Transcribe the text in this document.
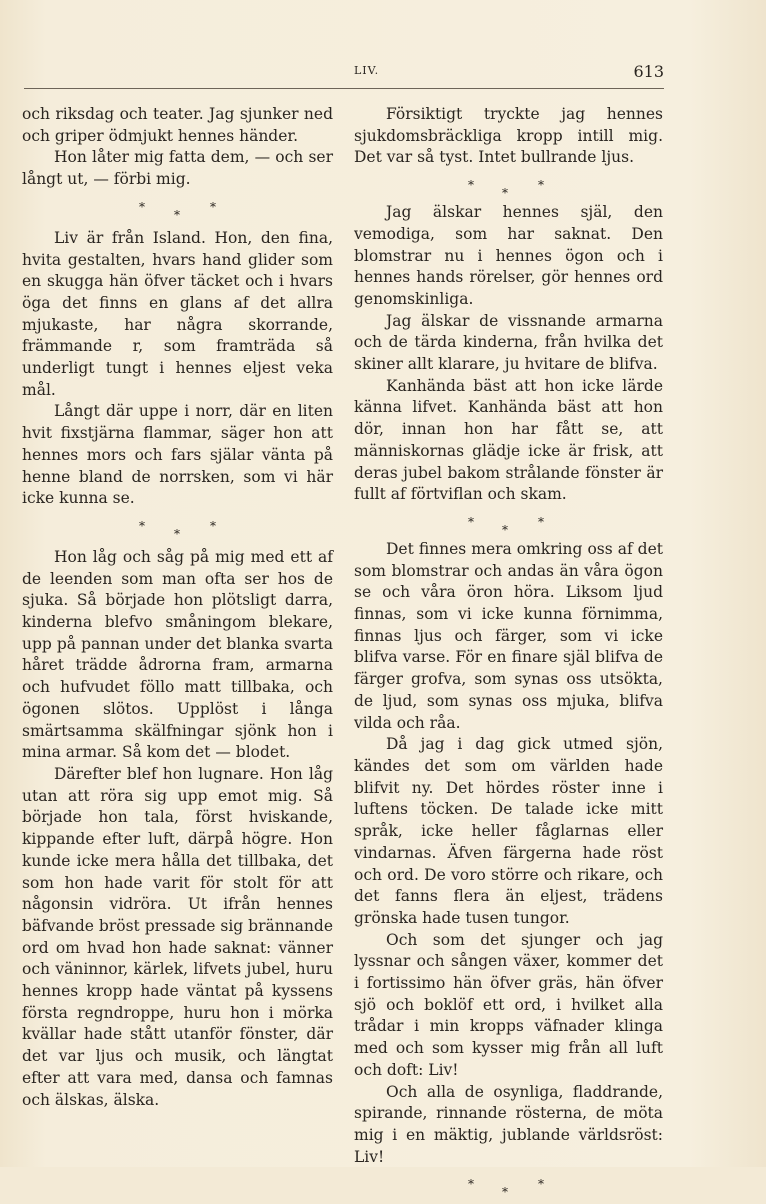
LIV.	613

och riksdag och teater. Jag sjunker ned och griper ödmjukt hennes händer.

Hon låter mig fatta dem, — och ser långt ut, — förbi mig.

*
*
*

Liv är från Island. Hon, den fina, hvita gestalten, hvars hand glider som en skugga hän öfver täcket och i hvars öga det finns en glans af det allra mjukaste, har några skorrande, främmande r, som framträda så underligt tungt i hennes eljest veka mål.

Långt där uppe i norr, där en liten hvit fixstjärna flammar, säger hon att hennes mors och fars själar vänta på henne bland de norrsken, som vi här icke kunna se.

*
*
*

Hon låg och såg på mig med ett af de leenden som man ofta ser hos de sjuka. Så började hon plötsligt darra, kinderna blefvo småningom blekare, upp på pannan under det blanka svarta håret trädde ådrorna fram, armarna och hufvudet föllo matt tillbaka, och ögonen slötos. Upplöst i långa smärtsamma skälfningar sjönk hon i mina armar. Så kom det — blodet.

Därefter blef hon lugnare. Hon låg utan att röra sig upp emot mig. Så började hon tala, först hviskande, kippande efter luft, därpå högre. Hon kunde icke mera hålla det tillbaka, det som hon hade varit för stolt för att någonsin vidröra. Ut ifrån hennes bäfvande bröst pressade sig brännande ord om hvad hon hade saknat: vänner och väninnor, kärlek, lifvets jubel, huru hennes kropp hade väntat på kyssens första regndroppe, huru hon i mörka kvällar hade stått utanför fönster, där det var ljus och musik, och längtat efter att vara med, dansa och famnas och älskas, älska.

Försiktigt tryckte jag hennes sjukdomsbräckliga kropp intill mig. Det var så tyst. Intet bullrande ljus.

*
*
*

Jag älskar hennes själ, den vemodiga, som har saknat. Den blomstrar nu i hennes ögon och i hennes hands rörelser, gör hennes ord genomskinliga.

Jag älskar de vissnande armarna och de tärda kinderna, från hvilka det skiner allt klarare, ju hvitare de blifva.

Kanhända bäst att hon icke lärde känna lifvet. Kanhända bäst att hon dör, innan hon har fått se, att människornas glädje icke är frisk, att deras jubel bakom strålande fönster är fullt af förtviflan och skam.

*
*
*

Det finnes mera omkring oss af det som blomstrar och andas än våra ögon se och våra öron höra. Liksom ljud finnas, som vi icke kunna förnimma, finnas ljus och färger, som vi icke blifva varse. För en finare själ blifva de färger grofva, som synas oss utsökta, de ljud, som synas oss mjuka, blifva vilda och råa.

Då jag i dag gick utmed sjön, kändes det som om världen hade blifvit ny. Det hördes röster inne i luftens töcken. De talade icke mitt språk, icke heller fåglarnas eller vindarnas. Äfven färgerna hade röst och ord. De voro större och rikare, och det fanns flera än eljest, trädens grönska hade tusen tungor.

Och som det sjunger och jag lyssnar och sången växer, kommer det i fortissimo hän öfver gräs, hän öfver sjö och boklöf ett ord, i hvilket alla trådar i min kropps väfnader klinga med och som kysser mig från all luft och doft: Liv!

Och alla de osynliga, fladdrande, spirande, rinnande rösterna, de möta mig i en mäktig, jublande världsröst: Liv!

*
*
*
